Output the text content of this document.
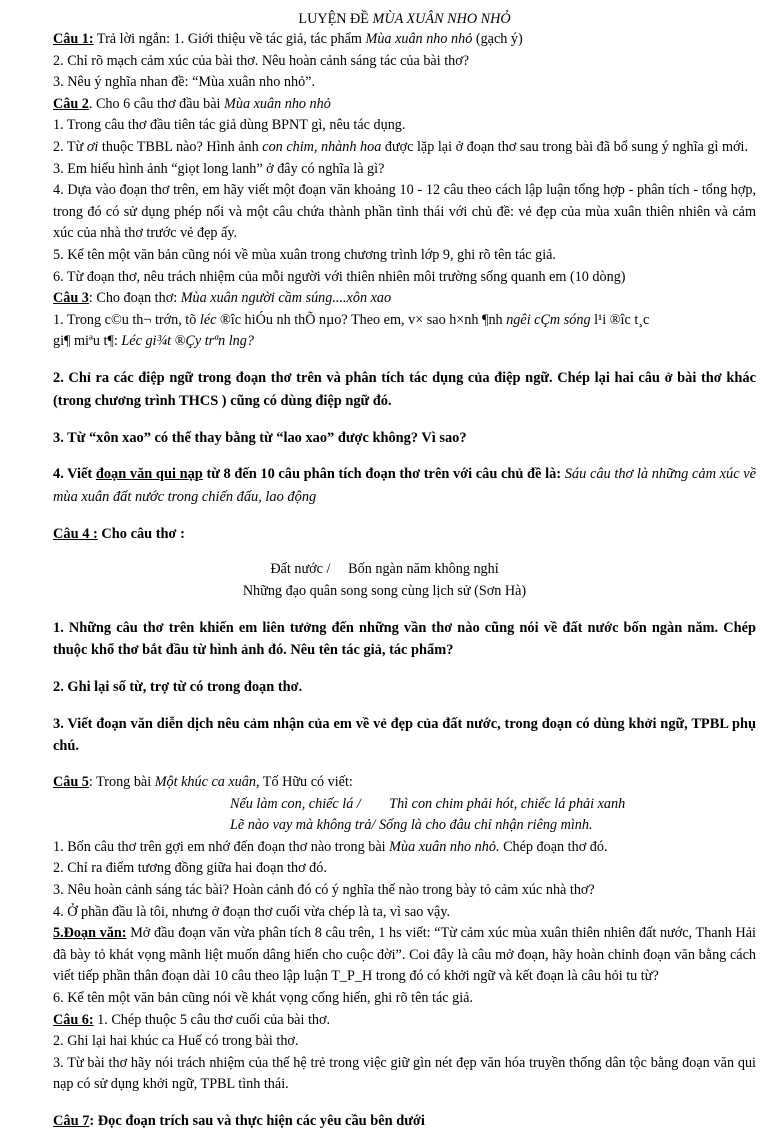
LUYỆN ĐỀ MÙA XUÂN NHO NHỎ

Câu 1: Trả lời ngắn: 1. Giới thiệu về tác giả, tác phẩm Mùa xuân nho nhỏ (gạch ý)

2. Chỉ rõ mạch cảm xúc của bài thơ. Nêu hoàn cảnh sáng tác của bài thơ?

3. Nêu ý nghĩa nhan đề: “Mùa xuân nho nhỏ”.

Câu 2. Cho 6 câu thơ đầu bài Mùa xuân nho nhỏ

1. Trong câu thơ đầu tiên tác giả dùng BPNT gì, nêu tác dụng.

2. Từ ơi thuộc TBBL nào? Hình ảnh con chim, nhành hoa được lặp lại ở đoạn thơ sau trong bài đã bổ sung ý nghĩa gì mới.

3. Em hiểu hình ảnh “giọt long lanh” ở đây có nghĩa là gì?

4. Dựa vào đoạn thơ trên, em hãy viết một đoạn văn khoảng 10 - 12 câu theo cách lập luận tổng hợp - phân tích - tổng hợp, trong đó có sử dụng phép nối và một câu chứa thành phần tình thái với chủ đề: vẻ đẹp của mùa xuân thiên nhiên và cảm xúc của nhà thơ trước vẻ đẹp ấy.

5. Kể tên một văn bản cũng nói về mùa xuân trong chương trình lớp 9, ghi rõ tên tác giả.

6. Từ đoạn thơ, nêu trách nhiệm của mỗi người với thiên nhiên môi trường sống quanh em (10 dòng)

Câu 3: Cho đoạn thơ: Mùa xuân người cầm súng....xôn xao

1. Trong c©u th¬ trớn, tõ léc ®îc hiÓu nh thÕ nµo? Theo em, v× sao h×nh ¶nh ngêi cÇm sóng l¹i ®îc t¸c

gi¶ miªu t¶: Léc gi¾t ®Çy trªn lng?

2. Chỉ ra các điệp ngữ trong đoạn thơ trên và phân tích tác dụng của điệp ngữ. Chép lại hai câu ở bài thơ khác (trong chương trình THCS ) cũng có dùng điệp ngữ đó.

3. Từ “xôn xao” có thể thay bằng từ “lao xao” được không? Vì sao?

4. Viết đoạn văn qui nạp từ 8 đến 10 câu phân tích đoạn thơ trên với câu chủ đề là: Sáu câu thơ là những cảm xúc về mùa xuân đất nước trong chiến đấu, lao động

Câu 4 : Cho câu thơ :

Đất nước /     Bốn ngàn năm không nghỉ

Những đạo quân song song cùng lịch sử (Sơn Hà)

1. Những câu thơ trên khiến em liên tưởng đến những vần thơ nào cũng nói về đất nước bốn ngàn năm. Chép thuộc khổ thơ bắt đầu từ hình ảnh đó. Nêu tên tác giả, tác phẩm?

2. Ghi lại số từ, trợ từ có trong đoạn thơ.

3. Viết đoạn văn diễn dịch nêu cảm nhận của em về vẻ đẹp của đất nước, trong đoạn có dùng khởi ngữ, TPBL phụ chú.

Câu 5: Trong bài Một khúc ca xuân, Tố Hữu có viết:

Nếu làm con, chiếc lá /        Thì con chim phải hót, chiếc lá phải xanh

Lẽ nào vay mà không trả/ Sống là cho đâu chỉ nhận riêng mình.

1. Bốn câu thơ trên gợi em nhớ đến đoạn thơ nào trong bài Mùa xuân nho nhỏ. Chép đoạn thơ đó.

2. Chỉ ra điểm tương đồng giữa hai đoạn thơ đó.

3. Nêu hoàn cảnh sáng tác bài? Hoàn cảnh đó có ý nghĩa thế nào trong bày tỏ cảm xúc nhà thơ?

4. Ở phần đầu là tôi, nhưng ở đoạn thơ cuối vừa chép là ta, vì sao vậy.

5.Đoạn văn: Mở đầu đoạn văn vừa phân tích 8 câu trên, 1 hs viết: “Từ cảm xúc mùa xuân thiên nhiên đất nước, Thanh Hải đã bày tỏ khát vọng mãnh liệt muốn dâng hiến cho cuộc đời”. Coi đây là câu mở đoạn, hãy hoàn chỉnh đoạn văn bằng cách viết tiếp phần thân đoạn dài 10 câu theo lập luận T_P_H trong đó có khởi ngữ và kết đoạn là câu hỏi tu từ?

6. Kể tên một văn bản cũng nói về khát vọng cống hiến, ghi rõ tên tác giả.

Câu 6: 1. Chép thuộc 5 câu thơ cuối của bài thơ.

2. Ghi lại hai khúc ca Huế có trong bài thơ.

3. Từ bài thơ hãy nói trách nhiệm của thế hệ trẻ trong việc giữ gìn nét đẹp văn hóa truyền thống dân tộc bằng đoạn văn qui nạp có sử dụng khởi ngữ, TPBL tình thái.

Câu 7: Đọc đoạn trích sau và thực hiện các yêu cầu bên dưới
